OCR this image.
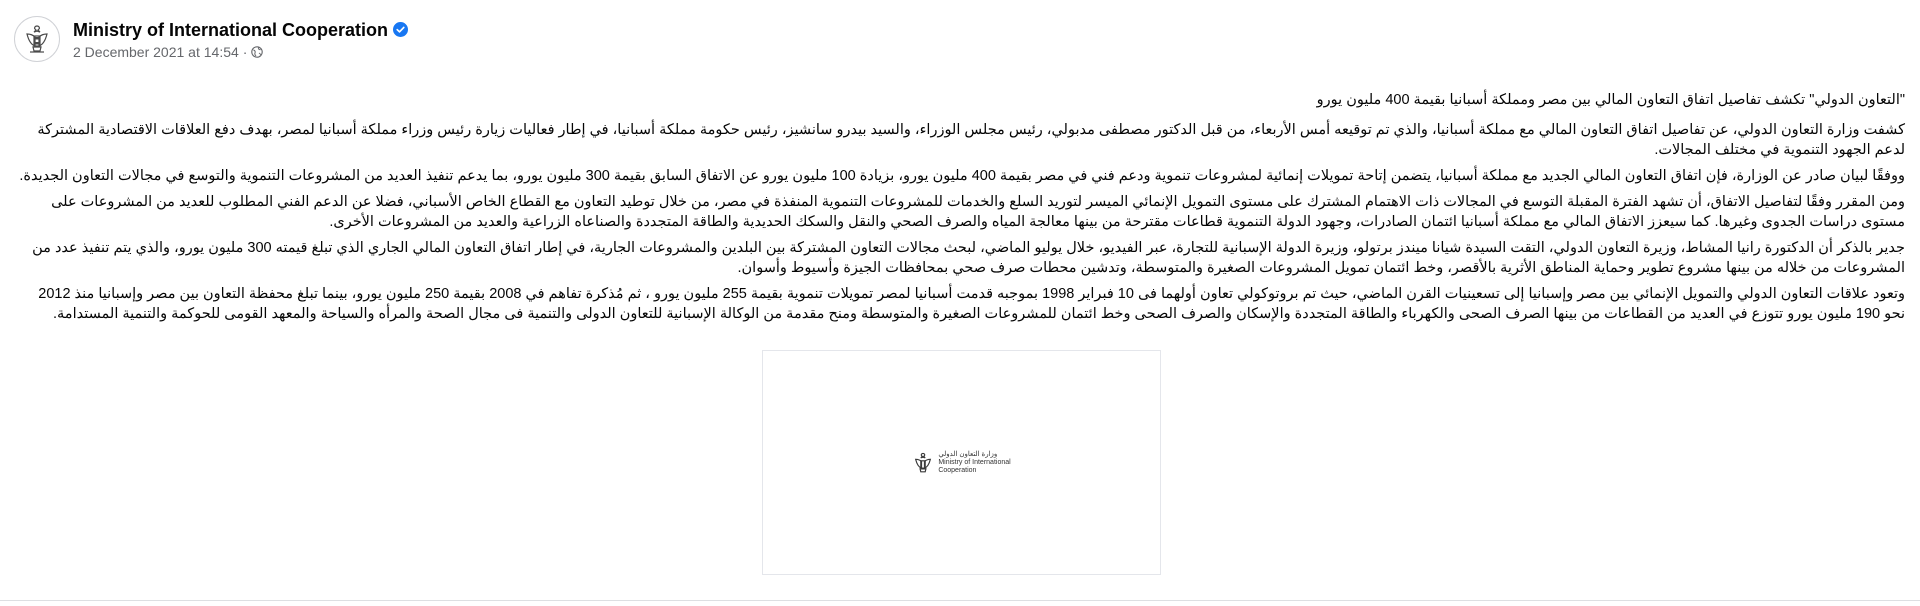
Ministry of International Cooperation
2 December 2021 at 14:54 ·

"التعاون الدولي" تكشف تفاصيل اتفاق التعاون المالي بين مصر ومملكة أسبانيا بقيمة 400 مليون يورو

كشفت وزارة التعاون الدولي، عن تفاصيل اتفاق التعاون المالي مع مملكة أسبانيا، والذي تم توقيعه أمس الأربعاء، من قبل الدكتور مصطفى مدبولي، رئيس مجلس الوزراء، والسيد بيدرو سانشيز، رئيس حكومة مملكة أسبانيا، في إطار فعاليات زيارة رئيس وزراء مملكة أسبانيا لمصر، بهدف دفع العلاقات الاقتصادية المشتركة لدعم الجهود التنموية في مختلف المجالات.

ووفقًا لبيان صادر عن الوزارة، فإن اتفاق التعاون المالي الجديد مع مملكة أسبانيا، يتضمن إتاحة تمويلات إنمائية لمشروعات تنموية ودعم فني في مصر بقيمة 400 مليون يورو، بزيادة 100 مليون يورو عن الاتفاق السابق بقيمة 300 مليون يورو، بما يدعم تنفيذ العديد من المشروعات التنموية والتوسع في مجالات التعاون الجديدة.

ومن المقرر وفقًا لتفاصيل الاتفاق، أن تشهد الفترة المقبلة التوسع في المجالات ذات الاهتمام المشترك على مستوى التمويل الإنمائي الميسر لتوريد السلع والخدمات للمشروعات التنموية المنفذة في مصر، من خلال توطيد التعاون مع القطاع الخاص الأسباني، فضلا عن الدعم الفني المطلوب للعديد من المشروعات على مستوى دراسات الجدوى وغيرها. كما سيعزز الاتفاق المالي مع مملكة أسبانيا ائتمان الصادرات، وجهود الدولة التنموية قطاعات مقترحة من بينها معالجة المياه والصرف الصحي والنقل والسكك الحديدية والطاقة المتجددة والصناعاه الزراعية والعديد من المشروعات الأخرى.

جدير بالذكر أن الدكتورة رانيا المشاط، وزيرة التعاون الدولي، التقت السيدة شيانا ميندز برتولو، وزيرة الدولة الإسبانية للتجارة، عبر الفيديو، خلال يوليو الماضي، لبحث مجالات التعاون المشتركة بين البلدين والمشروعات الجارية، في إطار اتفاق التعاون المالي الجاري الذي تبلغ قيمته 300 مليون يورو، والذي يتم تنفيذ عدد من المشروعات من خلاله من بينها مشروع تطوير وحماية المناطق الأثرية بالأقصر، وخط ائتمان تمويل المشروعات الصغيرة والمتوسطة، وتدشين محطات صرف صحي بمحافظات الجيزة وأسيوط وأسوان.

وتعود علاقات التعاون الدولي والتمويل الإنمائي بين مصر وإسبانيا إلى تسعينيات القرن الماضي، حيث تم بروتوكولي تعاون أولهما فى 10 فبراير 1998 بموجبه قدمت أسبانيا لمصر تمويلات تنموية بقيمة 255 مليون يورو ، ثم مُذكرة تفاهم في 2008 بقيمة 250 مليون يورو، بينما تبلغ محفظة التعاون بين مصر وإسبانيا منذ 2012 نحو 190 مليون يورو تتوزع في العديد من القطاعات من بينها الصرف الصحى والكهرباء والطاقة المتجددة والإسكان والصرف الصحى وخط ائتمان للمشروعات الصغيرة والمتوسطة ومنح مقدمة من الوكالة الإسبانية للتعاون الدولى والتنمية فى مجال الصحة والمرأه والسياحة والمعهد القومى للحوكمة والتنمية المستدامة.

وزارة التعاون الدولي
Ministry of International
Cooperation
